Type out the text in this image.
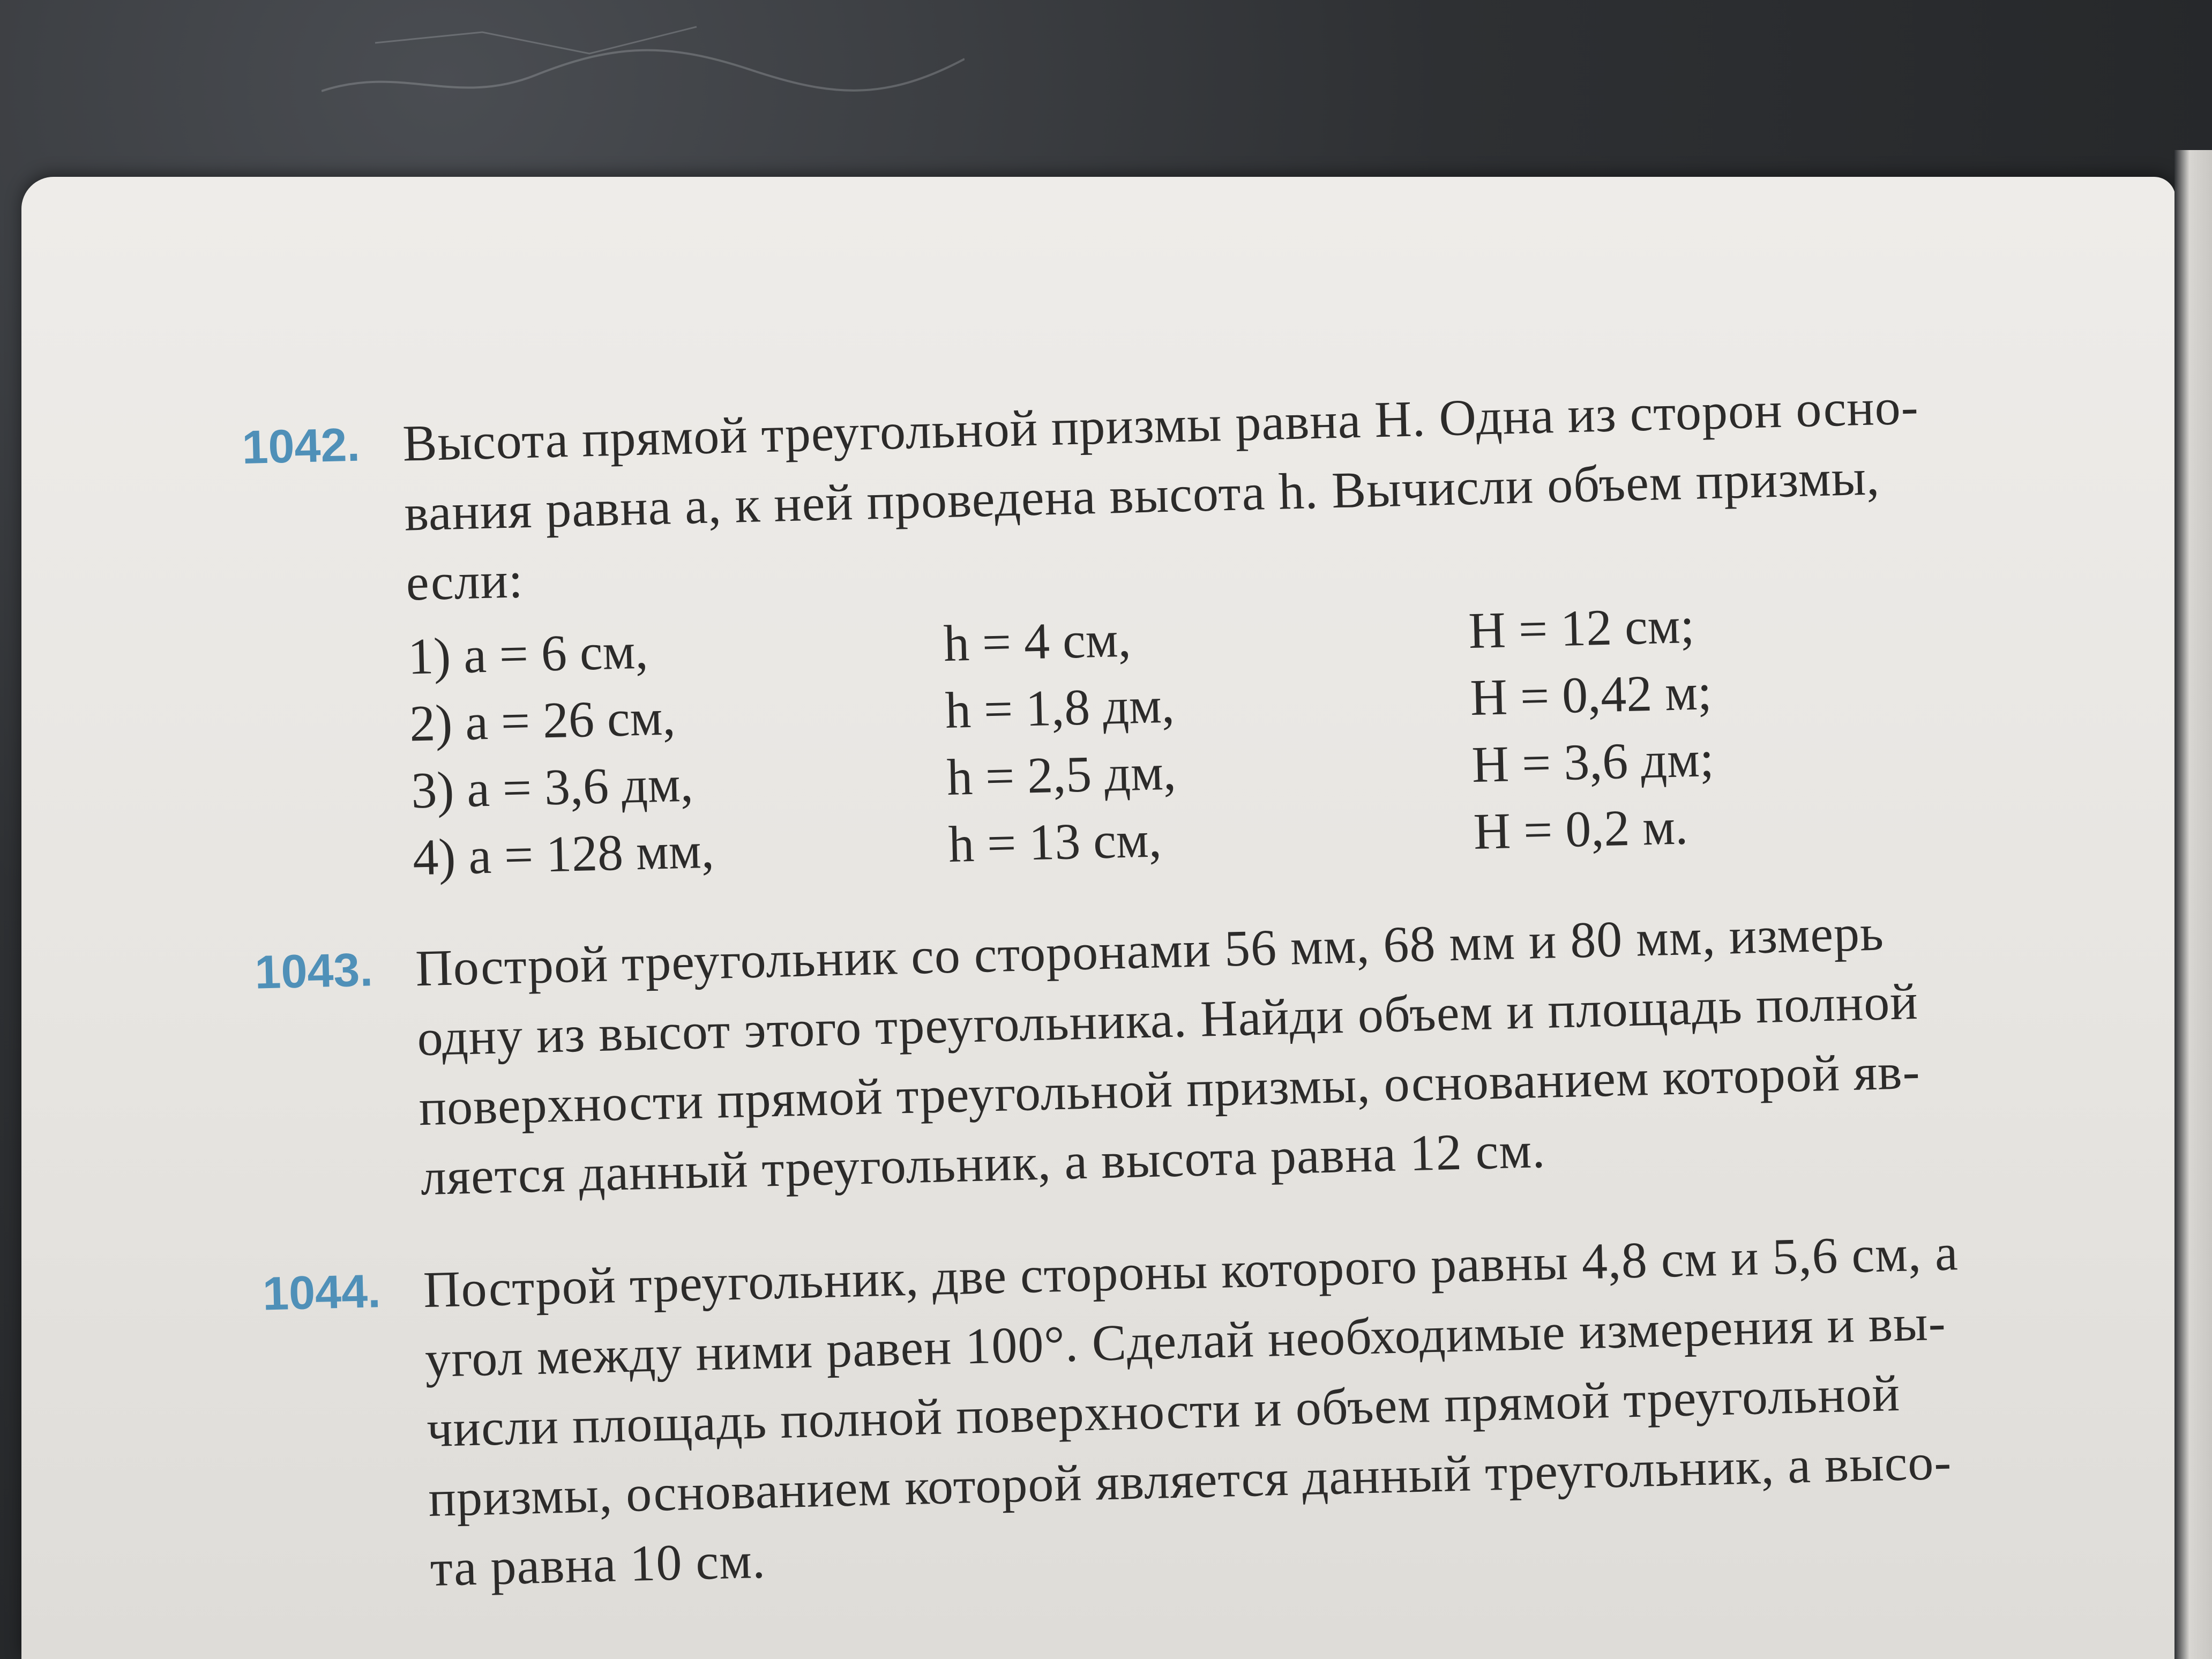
1042. Высота прямой треугольной призмы равна H. Одна из сторон осно-
вания равна a, к ней проведена высота h. Вычисли объем призмы,
если:
1) a = 6 см,	h = 4 см,	H = 12 см;
2) a = 26 см,	h = 1,8 дм,	H = 0,42 м;
3) a = 3,6 дм,	h = 2,5 дм,	H = 3,6 дм;
4) a = 128 мм,	h = 13 см,	H = 0,2 м.
1043. Построй треугольник со сторонами 56 мм, 68 мм и 80 мм, измерь
одну из высот этого треугольника. Найди объем и площадь полной
поверхности прямой треугольной призмы, основанием которой яв-
ляется данный треугольник, а высота равна 12 см.
1044. Построй треугольник, две стороны которого равны 4,8 см и 5,6 см, а
угол между ними равен 100°. Сделай необходимые измерения и вы-
числи площадь полной поверхности и объем прямой треугольной
призмы, основанием которой является данный треугольник, а высо-
та равна 10 см.
